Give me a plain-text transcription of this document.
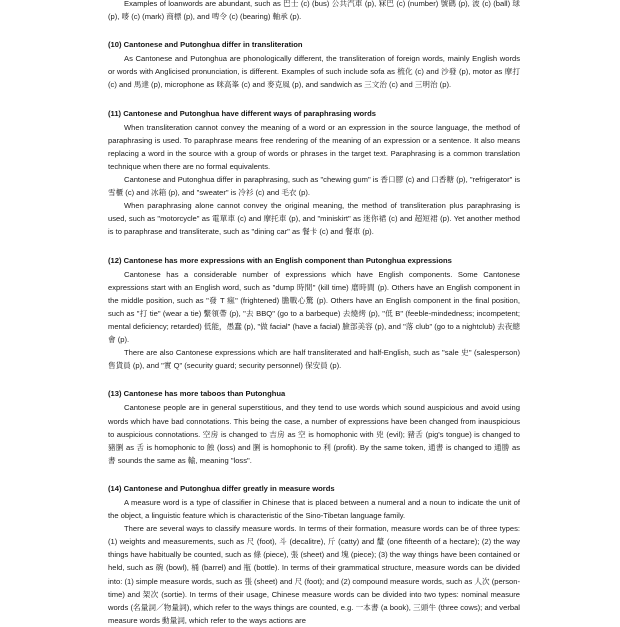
Examples of loanwords are abundant, such as 巴士 (c) (bus) 公共汽車 (p), 冧巴 (c) (number) 號碼 (p), 波 (c) (ball) 球 (p), 嘜 (c) (mark) 商標 (p), and 啤令 (c) (bearing) 軸承 (p).

(10) Cantonese and Putonghua differ in transliteration

As Cantonese and Putonghua are phonologically different, the transliteration of foreign words, mainly English words or words with Anglicised pronunciation, is different. Examples of such include sofa as 梳化 (c) and 沙發 (p), motor as 摩打 (c) and 馬達 (p), microphone as 咪高峯 (c) and 麥克風 (p), and sandwich as 三文治 (c) and 三明治 (p).

(11) Cantonese and Putonghua have different ways of paraphrasing words

When transliteration cannot convey the meaning of a word or an expression in the source language, the method of paraphrasing is used. To paraphrase means free rendering of the meaning of an expression or a sentence. It also means replacing a word in the source with a group of words or phrases in the target text. Paraphrasing is a common translation technique when there are no formal equivalents.

Cantonese and Putonghua differ in paraphrasing, such as "chewing gum" is 香口膠 (c) and 口香糖 (p), "refrigerator" is 雪櫃 (c) and 冰箱 (p), and "sweater" is 冷衫 (c) and 毛衣 (p).

When paraphrasing alone cannot convey the original meaning, the method of transliteration plus paraphrasing is used, such as "motorcycle" as 電單車 (c) and 摩托車 (p), and "miniskirt" as 迷你裙 (c) and 超短裙 (p). Yet another method is to paraphrase and transliterate, such as "dining car" as 餐卡 (c) and 餐車 (p).

(12) Cantonese has more expressions with an English component than Putonghua expressions

Cantonese has a considerable number of expressions which have English components. Some Cantonese expressions start with an English word, such as "dump 時間" (kill time) 磨時間 (p). Others have an English component in the middle position, such as "發 T 瘋" (frightened) 膽戰心驚 (p). Others have an English component in the final position, such as "打 tie" (wear a tie) 繫領帶 (p), "去 BBQ" (go to a barbeque) 去燒烤 (p), "低 B" (feeble-mindedness; incompetent; mental deficiency; retarded) 低能，愚蠢 (p), "做 facial" (have a facial) 臉部美容 (p), and "落 club" (go to a nightclub) 去夜總會 (p).

There are also Cantonese expressions which are half transliterated and half-English, such as "sale 史" (salesperson) 售貨員 (p), and "實 Q" (security guard; security personnel) 保安員 (p).

(13) Cantonese has more taboos than Putonghua

Cantonese people are in general superstitious, and they tend to use words which sound auspicious and avoid using words which have bad connotations. This being the case, a number of expressions have been changed from inauspicious to auspicious connotations. 空房 is changed to 吉房 as 空 is homophonic with 兇 (evil); 豬舌 (pig's tongue) is changed to 豬脷 as 舌 is homophonic to 蝕 (loss) and 脷 is homophonic to 利 (profit). By the same token, 通書 is changed to 通勝 as 書 sounds the same as 輸, meaning "loss".

(14) Cantonese and Putonghua differ greatly in measure words

A measure word is a type of classifier in Chinese that is placed between a numeral and a noun to indicate the unit of the object, a linguistic feature which is characteristic of the Sino-Tibetan language family.

There are several ways to classify measure words. In terms of their formation, measure words can be of three types: (1) weights and measurements, such as 尺 (foot), 斗 (decalitre), 斤 (catty) and 釐 (one fifteenth of a hectare); (2) the way things have habitually be counted, such as 條 (piece), 張 (sheet) and 塊 (piece); (3) the way things have been contained or held, such as 碗 (bowl), 桶 (barrel) and 瓶 (bottle). In terms of their grammatical structure, measure words can be divided into: (1) simple measure words, such as 張 (sheet) and 尺 (foot); and (2) compound measure words, such as 人次 (person-time) and 架次 (sortie). In terms of their usage, Chinese measure words can be divided into two types: nominal measure words (名量詞／物量詞), which refer to the ways things are counted, e.g. 一本書 (a book), 三頭牛 (three cows); and verbal measure words 動量詞, which refer to the ways actions are
